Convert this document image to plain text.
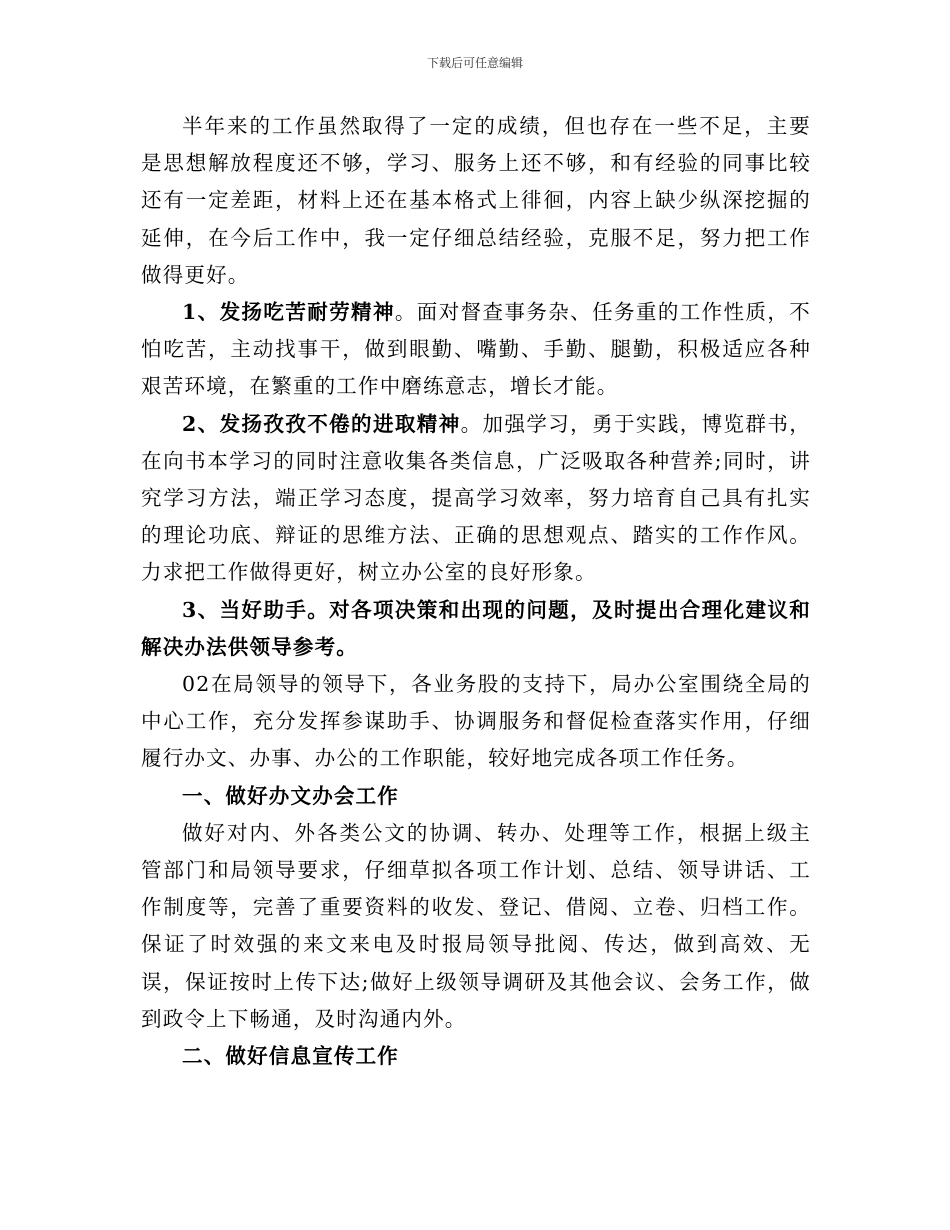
下载后可任意编辑

半年来的工作虽然取得了一定的成绩，但也存在一些不足，主要是思想解放程度还不够，学习、服务上还不够，和有经验的同事比较还有一定差距，材料上还在基本格式上徘徊，内容上缺少纵深挖掘的延伸，在今后工作中，我一定仔细总结经验，克服不足，努力把工作做得更好。

1、发扬吃苦耐劳精神。面对督查事务杂、任务重的工作性质，不怕吃苦，主动找事干，做到眼勤、嘴勤、手勤、腿勤，积极适应各种艰苦环境，在繁重的工作中磨练意志，增长才能。

2、发扬孜孜不倦的进取精神。加强学习，勇于实践，博览群书，在向书本学习的同时注意收集各类信息，广泛吸取各种营养;同时，讲究学习方法，端正学习态度，提高学习效率，努力培育自己具有扎实的理论功底、辩证的思维方法、正确的思想观点、踏实的工作作风。力求把工作做得更好，树立办公室的良好形象。

3、当好助手。对各项决策和出现的问题，及时提出合理化建议和解决办法供领导参考。

02在局领导的领导下，各业务股的支持下，局办公室围绕全局的中心工作，充分发挥参谋助手、协调服务和督促检查落实作用，仔细履行办文、办事、办公的工作职能，较好地完成各项工作任务。

一、做好办文办会工作

做好对内、外各类公文的协调、转办、处理等工作，根据上级主管部门和局领导要求，仔细草拟各项工作计划、总结、领导讲话、工作制度等，完善了重要资料的收发、登记、借阅、立卷、归档工作。保证了时效强的来文来电及时报局领导批阅、传达，做到高效、无误，保证按时上传下达;做好上级领导调研及其他会议、会务工作，做到政令上下畅通，及时沟通内外。

二、做好信息宣传工作
